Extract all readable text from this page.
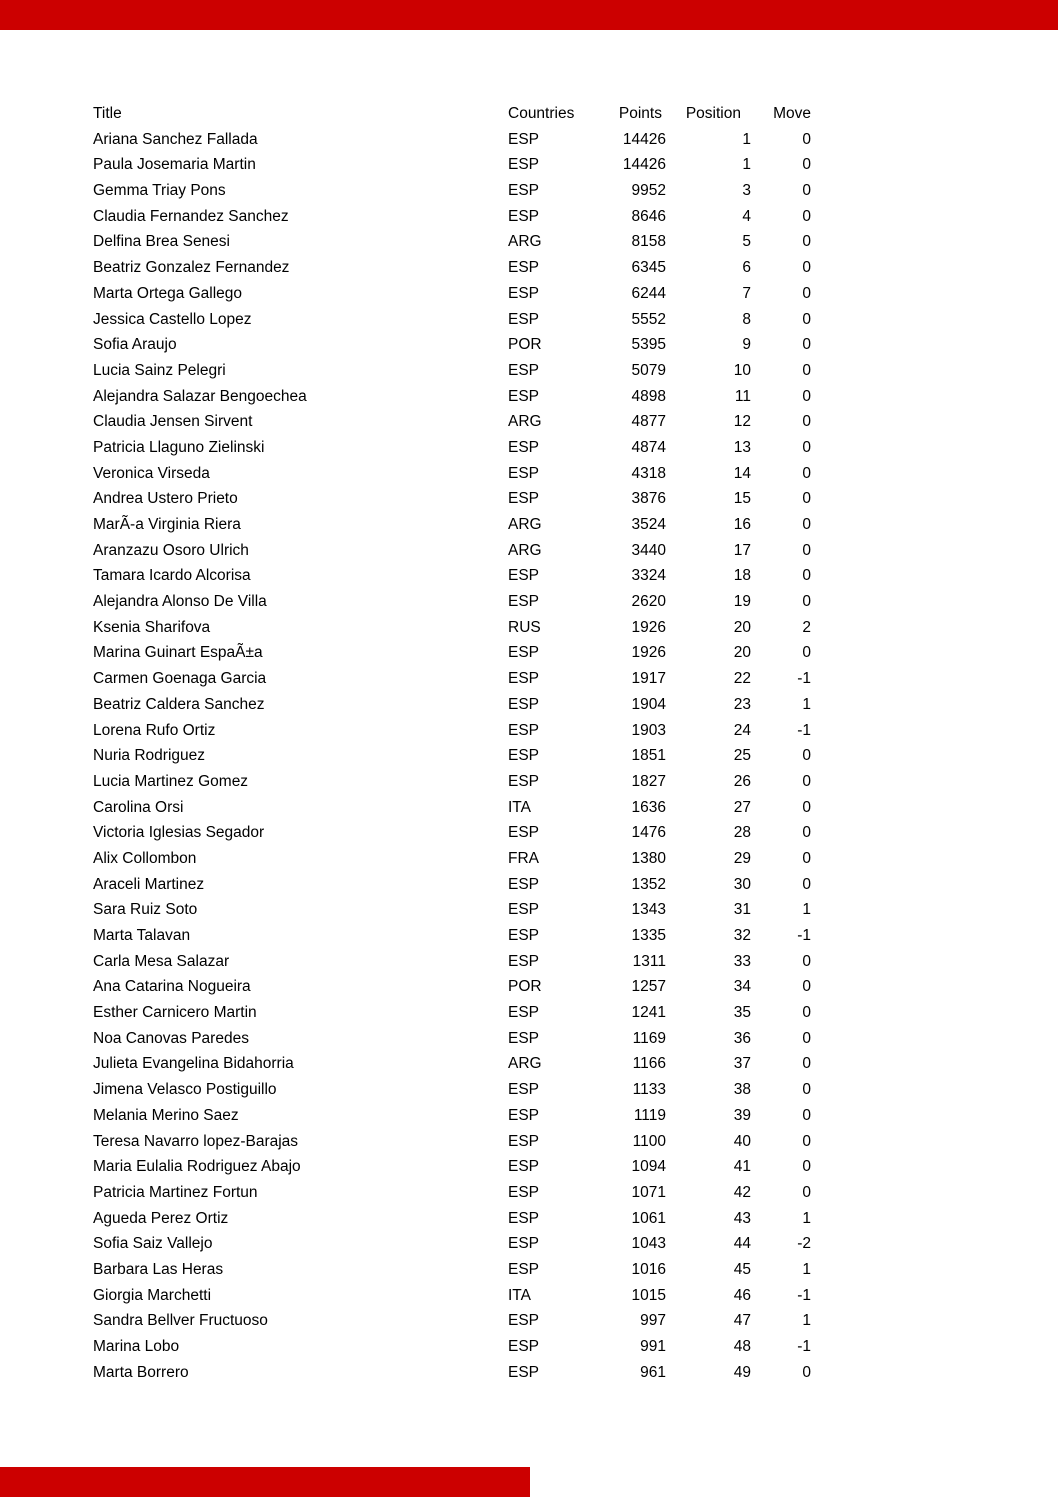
Title	Countries	Points	Position	Move
Ariana Sanchez Fallada	ESP	14426	1	0
Paula Josemaria Martin	ESP	14426	1	0
Gemma Triay Pons	ESP	9952	3	0
Claudia Fernandez Sanchez	ESP	8646	4	0
Delfina Brea Senesi	ARG	8158	5	0
Beatriz Gonzalez Fernandez	ESP	6345	6	0
Marta Ortega Gallego	ESP	6244	7	0
Jessica Castello Lopez	ESP	5552	8	0
Sofia Araujo	POR	5395	9	0
Lucia Sainz Pelegri	ESP	5079	10	0
Alejandra Salazar Bengoechea	ESP	4898	11	0
Claudia Jensen Sirvent	ARG	4877	12	0
Patricia Llaguno Zielinski	ESP	4874	13	0
Veronica Virseda	ESP	4318	14	0
Andrea Ustero Prieto	ESP	3876	15	0
MarÃ-a Virginia Riera	ARG	3524	16	0
Aranzazu Osoro Ulrich	ARG	3440	17	0
Tamara Icardo Alcorisa	ESP	3324	18	0
Alejandra Alonso De Villa	ESP	2620	19	0
Ksenia Sharifova	RUS	1926	20	2
Marina Guinart EspaÃ±a	ESP	1926	20	0
Carmen Goenaga Garcia	ESP	1917	22	-1
Beatriz Caldera Sanchez	ESP	1904	23	1
Lorena Rufo Ortiz	ESP	1903	24	-1
Nuria Rodriguez	ESP	1851	25	0
Lucia Martinez Gomez	ESP	1827	26	0
Carolina Orsi	ITA	1636	27	0
Victoria Iglesias Segador	ESP	1476	28	0
Alix Collombon	FRA	1380	29	0
Araceli Martinez	ESP	1352	30	0
Sara Ruiz Soto	ESP	1343	31	1
Marta Talavan	ESP	1335	32	-1
Carla Mesa Salazar	ESP	1311	33	0
Ana Catarina Nogueira	POR	1257	34	0
Esther Carnicero Martin	ESP	1241	35	0
Noa Canovas Paredes	ESP	1169	36	0
Julieta Evangelina Bidahorria	ARG	1166	37	0
Jimena Velasco Postiguillo	ESP	1133	38	0
Melania Merino Saez	ESP	1119	39	0
Teresa Navarro lopez-Barajas	ESP	1100	40	0
Maria Eulalia Rodriguez Abajo	ESP	1094	41	0
Patricia Martinez Fortun	ESP	1071	42	0
Agueda Perez Ortiz	ESP	1061	43	1
Sofia Saiz Vallejo	ESP	1043	44	-2
Barbara Las Heras	ESP	1016	45	1
Giorgia Marchetti	ITA	1015	46	-1
Sandra Bellver Fructuoso	ESP	997	47	1
Marina Lobo	ESP	991	48	-1
Marta Borrero	ESP	961	49	0
